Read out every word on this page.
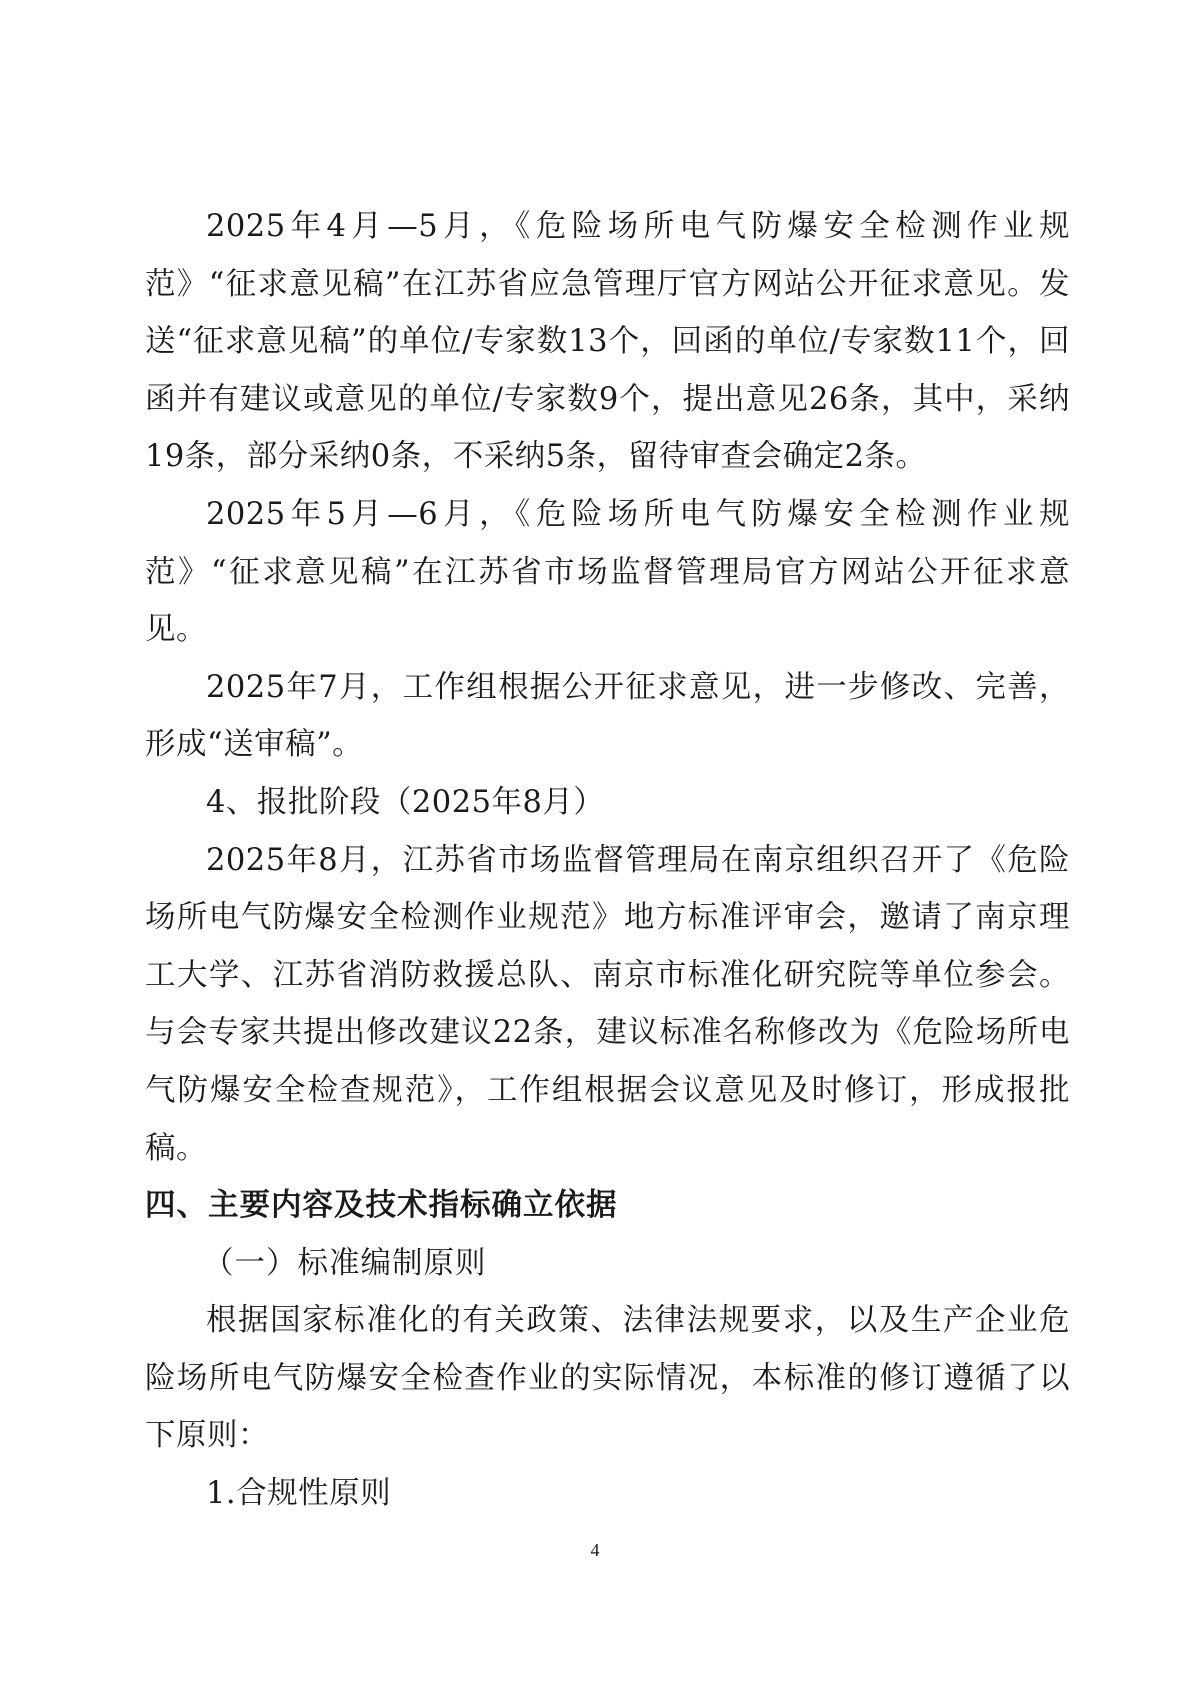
2025年4月—5月，《危险场所电气防爆安全检测作业规范》“征求意见稿”在江苏省应急管理厅官方网站公开征求意见。发送“征求意见稿”的单位/专家数13个，回函的单位/专家数11个，回函并有建议或意见的单位/专家数9个，提出意见26条，其中，采纳19条，部分采纳0条，不采纳5条，留待审查会确定2条。

2025年5月—6月，《危险场所电气防爆安全检测作业规范》“征求意见稿”在江苏省市场监督管理局官方网站公开征求意见。

2025年7月，工作组根据公开征求意见，进一步修改、完善，形成“送审稿”。

4、报批阶段（2025年8月）

2025年8月，江苏省市场监督管理局在南京组织召开了《危险场所电气防爆安全检测作业规范》地方标准评审会，邀请了南京理工大学、江苏省消防救援总队、南京市标准化研究院等单位参会。与会专家共提出修改建议22条，建议标准名称修改为《危险场所电气防爆安全检查规范》，工作组根据会议意见及时修订，形成报批稿。

四、主要内容及技术指标确立依据

（一）标准编制原则

根据国家标准化的有关政策、法律法规要求，以及生产企业危险场所电气防爆安全检查作业的实际情况，本标准的修订遵循了以下原则：

1.合规性原则

4
